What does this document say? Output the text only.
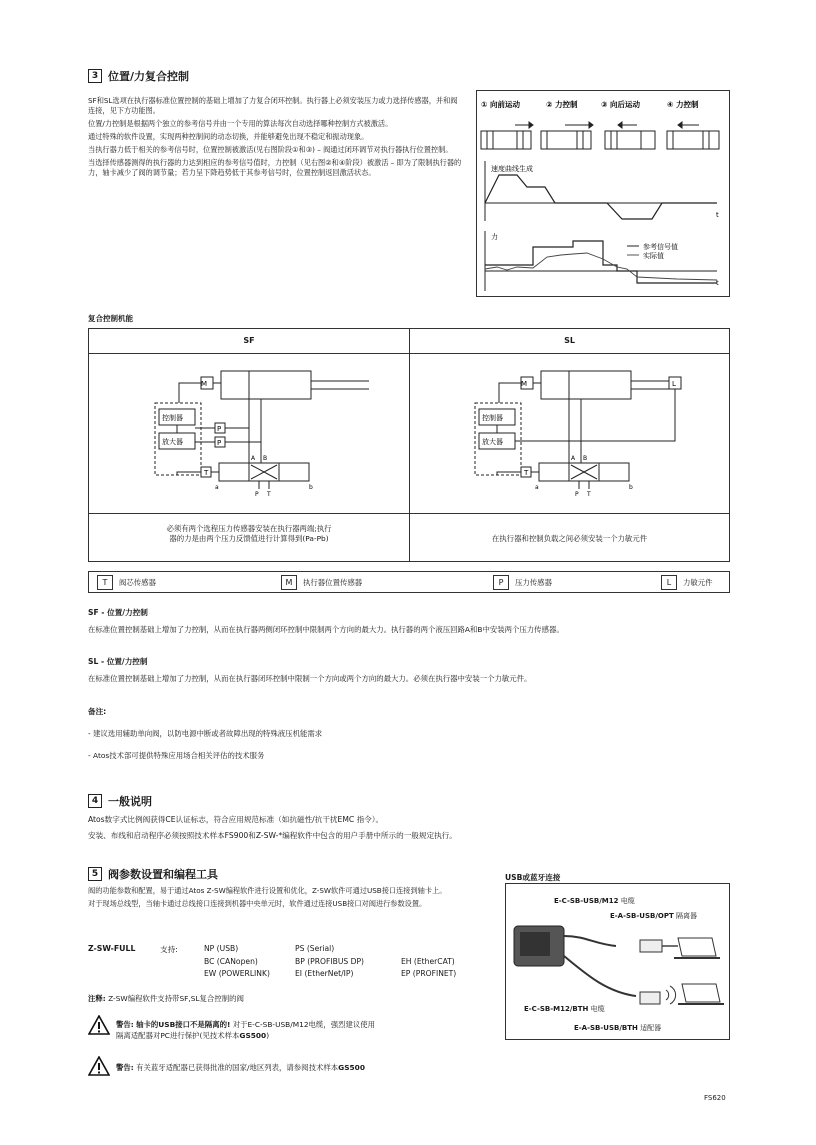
3 位置/力复合控制

SF和SL选项在执行器标准位置控制的基础上增加了力复合闭环控制。执行器上必须安装压力或力选择传感器，并和阀连接，见下方功能图。

位置/力控制是根据两个独立的参考信号并由一个专用的算法每次自动选择哪种控制方式被激活。

通过特殊的软件设置，实现两种控制间的动态切换，并能够避免出现不稳定和振动现象。

当执行器力低于相关的参考信号时，位置控制被激活(见右图阶段①和③) – 阀通过闭环调节对执行器执行位置控制。

当选择传感器测得的执行器的力达到相应的参考信号值时，力控制（见右图②和④阶段）被激活 – 即为了限制执行器的力，轴卡减少了阀的调节量；若力呈下降趋势低于其参考信号时，位置控制返回激活状态。

① 向前运动	② 力控制	③ 向后运动	④ 力控制
速度曲线生成
t
力
t
参考信号值
实际值
复合控制机能
SF	SL
M
控制器
放大器
P
P
T
A B
P T
a	b
M	L
控制器
放大器
T
A B
P T
a	b
必须有两个选程压力传感器安装在执行器两端;执行
器的力是由两个压力反馈值进行计算得到(Pa-Pb)	在执行器和控制负载之间必须安装一个力敏元件
T	阀芯传感器	M	执行器位置传感器	P	压力传感器	L	力敏元件
SF - 位置/力控制
在标准位置控制基础上增加了力控制，从而在执行器两侧闭环控制中限制两个方向的最大力。执行器的两个液压回路A和B中安装两个压力传感器。
SL - 位置/力控制
在标准位置控制基础上增加了力控制，从而在执行器闭环控制中限制一个方向或两个方向的最大力。必须在执行器中安装一个力敏元件。
备注:
- 建议选用辅助单向阀，以防电源中断或者故障出现的特殊液压机能需求
- Atos技术部可提供特殊应用场合相关评估的技术服务
4 一般说明
Atos数字式比例阀获得CE认证标志，符合应用规范标准（如抗磁性/抗干扰EMC 指令）。
安装、布线和启动程序必须按照技术样本FS900和Z-SW-*编程软件中包含的用户手册中所示的一般规定执行。
5 阀参数设置和编程工具

阀的功能参数和配置，易于通过Atos Z-SW编程软件进行设置和优化，Z-SW软件可通过USB接口连接到轴卡上。

对于现场总线型，当轴卡通过总线接口连接到机器中央单元时，软件通过连接USB接口对阀进行参数设置。

Z-SW-FULL	支持:	NP (USB)	PS (Serial)
BC (CANopen)	BP (PROFIBUS DP)	EH (EtherCAT)
EW (POWERLINK)	EI (EtherNet/IP)	EP (PROFINET)
注释: Z-SW编程软件支持带SF,SL复合控制的阀
警告: 轴卡的USB接口不是隔离的! 对于E-C-SB-USB/M12电缆，强烈建议使用
隔离适配器对PC进行保护(见技术样本GS500)
警告: 有关蓝牙适配器已获得批准的国家/地区列表，请参阅技术样本GS500
USB或蓝牙连接
E-C-SB-USB/M12 电缆
E-A-SB-USB/OPT 隔离器
E-C-SB-M12/BTH 电缆
E-A-SB-USB/BTH 适配器
FS620
